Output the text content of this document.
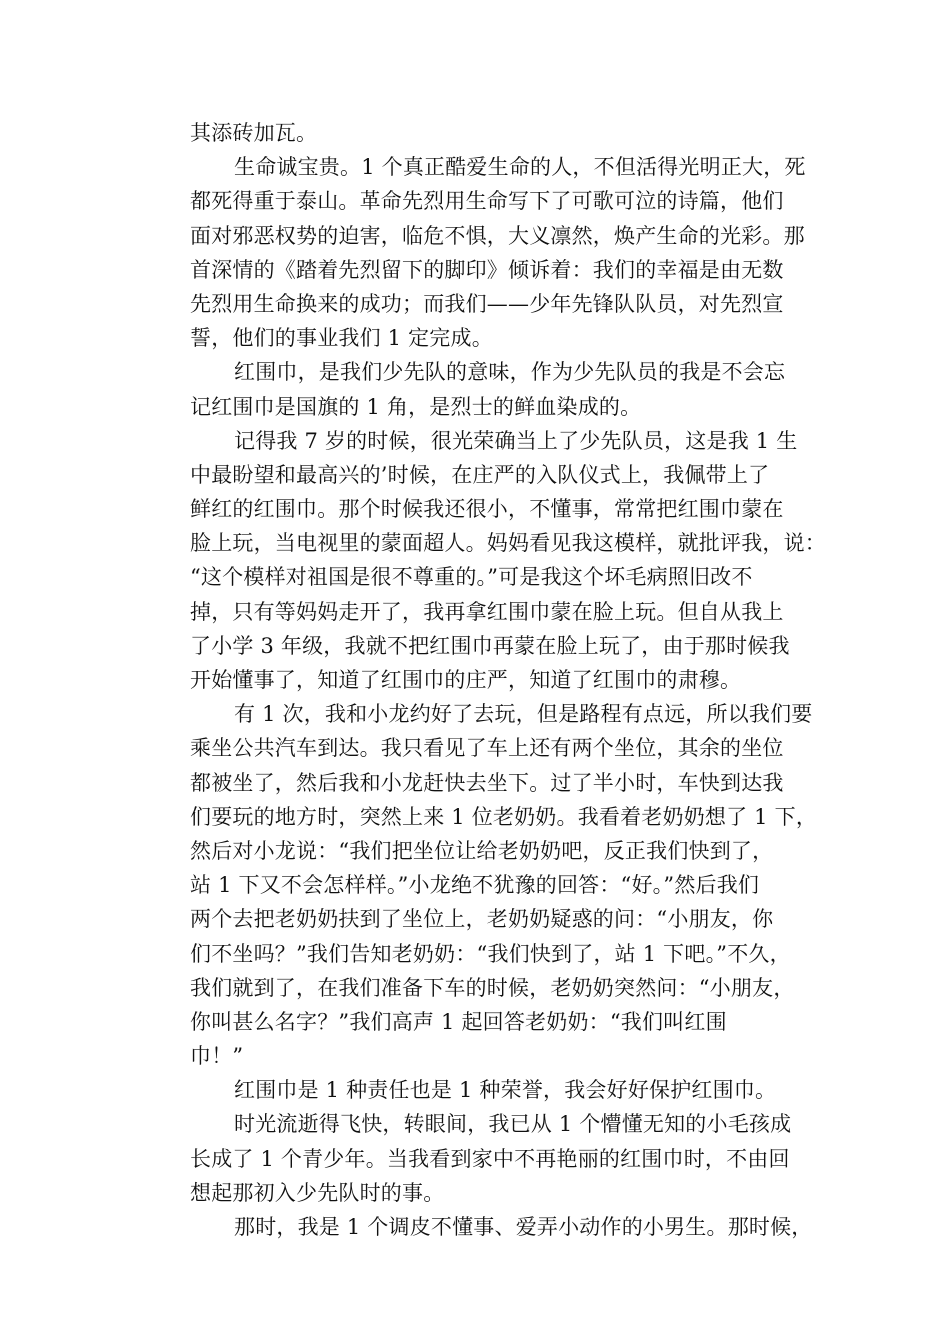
其添砖加瓦。
生命诚宝贵。1 个真正酷爱生命的人，不但活得光明正大，死
都死得重于泰山。革命先烈用生命写下了可歌可泣的诗篇，他们
面对邪恶权势的迫害，临危不惧，大义凛然，焕产生命的光彩。那
首深情的《踏着先烈留下的脚印》倾诉着：我们的幸福是由无数
先烈用生命换来的成功；而我们——少年先锋队队员，对先烈宣
誓，他们的事业我们 1 定完成。
红围巾，是我们少先队的意味，作为少先队员的我是不会忘
记红围巾是国旗的 1 角，是烈士的鲜血染成的。
记得我 7 岁的时候，很光荣确当上了少先队员，这是我 1 生
中最盼望和最高兴的’时候，在庄严的入队仪式上，我佩带上了
鲜红的红围巾。那个时候我还很小，不懂事，常常把红围巾蒙在
脸上玩，当电视里的蒙面超人。妈妈看见我这模样，就批评我，说：
“这个模样对祖国是很不尊重的。”可是我这个坏毛病照旧改不
掉，只有等妈妈走开了，我再拿红围巾蒙在脸上玩。但自从我上
了小学 3 年级，我就不把红围巾再蒙在脸上玩了，由于那时候我
开始懂事了，知道了红围巾的庄严，知道了红围巾的肃穆。
有 1 次，我和小龙约好了去玩，但是路程有点远，所以我们要
乘坐公共汽车到达。我只看见了车上还有两个坐位，其余的坐位
都被坐了，然后我和小龙赶快去坐下。过了半小时，车快到达我
们要玩的地方时，突然上来 1 位老奶奶。我看着老奶奶想了 1 下，
然后对小龙说：“我们把坐位让给老奶奶吧，反正我们快到了，
站 1 下又不会怎样样。”小龙绝不犹豫的回答：“好。”然后我们
两个去把老奶奶扶到了坐位上，老奶奶疑惑的问：“小朋友，你
们不坐吗？”我们告知老奶奶：“我们快到了，站 1 下吧。”不久，
我们就到了，在我们准备下车的时候，老奶奶突然问：“小朋友，
你叫甚么名字？”我们高声 1 起回答老奶奶：“我们叫红围
巾！”
红围巾是 1 种责任也是 1 种荣誉，我会好好保护红围巾。
时光流逝得飞快，转眼间，我已从 1 个懵懂无知的小毛孩成
长成了 1 个青少年。当我看到家中不再艳丽的红围巾时，不由回
想起那初入少先队时的事。
那时，我是 1 个调皮不懂事、爱弄小动作的小男生。那时候，
